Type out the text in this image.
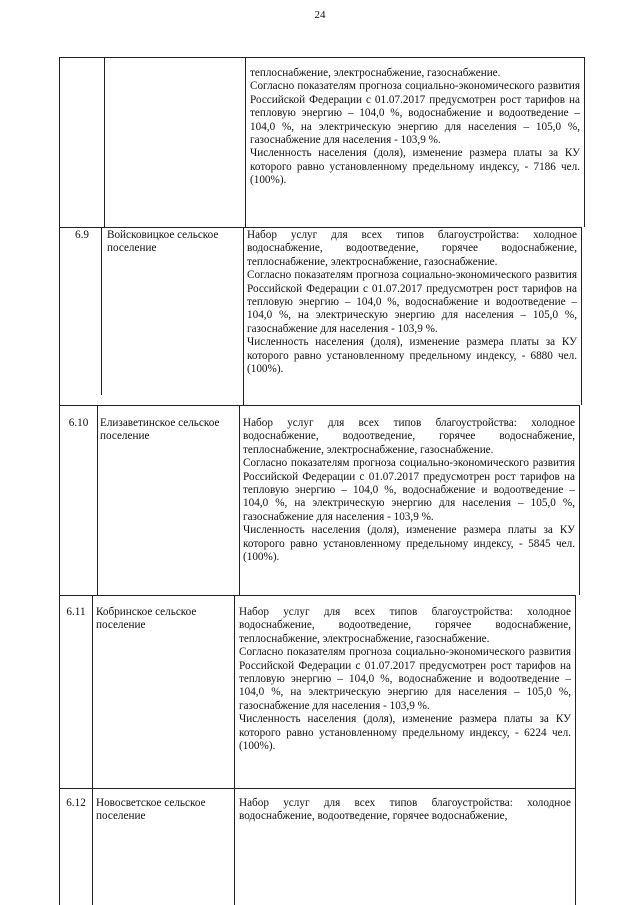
24

теплоснабжение, электроснабжение, газоснабжение.

Согласно показателям прогноза социально-экономического развития Российской Федерации с 01.07.2017 предусмотрен рост тарифов на тепловую энергию – 104,0 %, водоснабжение и водоотведение – 104,0 %, на электрическую энергию для населения – 105,0 %, газоснабжение для населения - 103,9 %.

Численность населения (доля), изменение размера платы за КУ которого равно установленному предельному индексу, - 7186 чел. (100%).

6.9	Войсковицкое сельское поселение

Набор услуг для всех типов благоустройства: холодное водоснабжение, водоотведение, горячее водоснабжение, теплоснабжение, электроснабжение, газоснабжение.

Согласно показателям прогноза социально-экономического развития Российской Федерации с 01.07.2017 предусмотрен рост тарифов на тепловую энергию – 104,0 %, водоснабжение и водоотведение – 104,0 %, на электрическую энергию для населения – 105,0 %, газоснабжение для населения - 103,9 %.

Численность населения (доля), изменение размера платы за КУ которого равно установленному предельному индексу, - 6880 чел. (100%).

6.10	Елизаветинское сельское поселение

Набор услуг для всех типов благоустройства: холодное водоснабжение, водоотведение, горячее водоснабжение, теплоснабжение, электроснабжение, газоснабжение.

Согласно показателям прогноза социально-экономического развития Российской Федерации с 01.07.2017 предусмотрен рост тарифов на тепловую энергию – 104,0 %, водоснабжение и водоотведение – 104,0 %, на электрическую энергию для населения – 105,0 %, газоснабжение для населения - 103,9 %.

Численность населения (доля), изменение размера платы за КУ которого равно установленному предельному индексу, - 5845 чел. (100%).

6.11 Кобринское сельское поселение

Набор услуг для всех типов благоустройства: холодное водоснабжение, водоотведение, горячее водоснабжение, теплоснабжение, электроснабжение, газоснабжение.

Согласно показателям прогноза социально-экономического развития Российской Федерации с 01.07.2017 предусмотрен рост тарифов на тепловую энергию – 104,0 %, водоснабжение и водоотведение – 104,0 %, на электрическую энергию для населения – 105,0 %, газоснабжение для населения - 103,9 %.

Численность населения (доля), изменение размера платы за КУ которого равно установленному предельному индексу, - 6224 чел. (100%).

6.12 Новосветское сельское поселение

Набор услуг для всех типов благоустройства: холодное водоснабжение, водоотведение, горячее водоснабжение,
